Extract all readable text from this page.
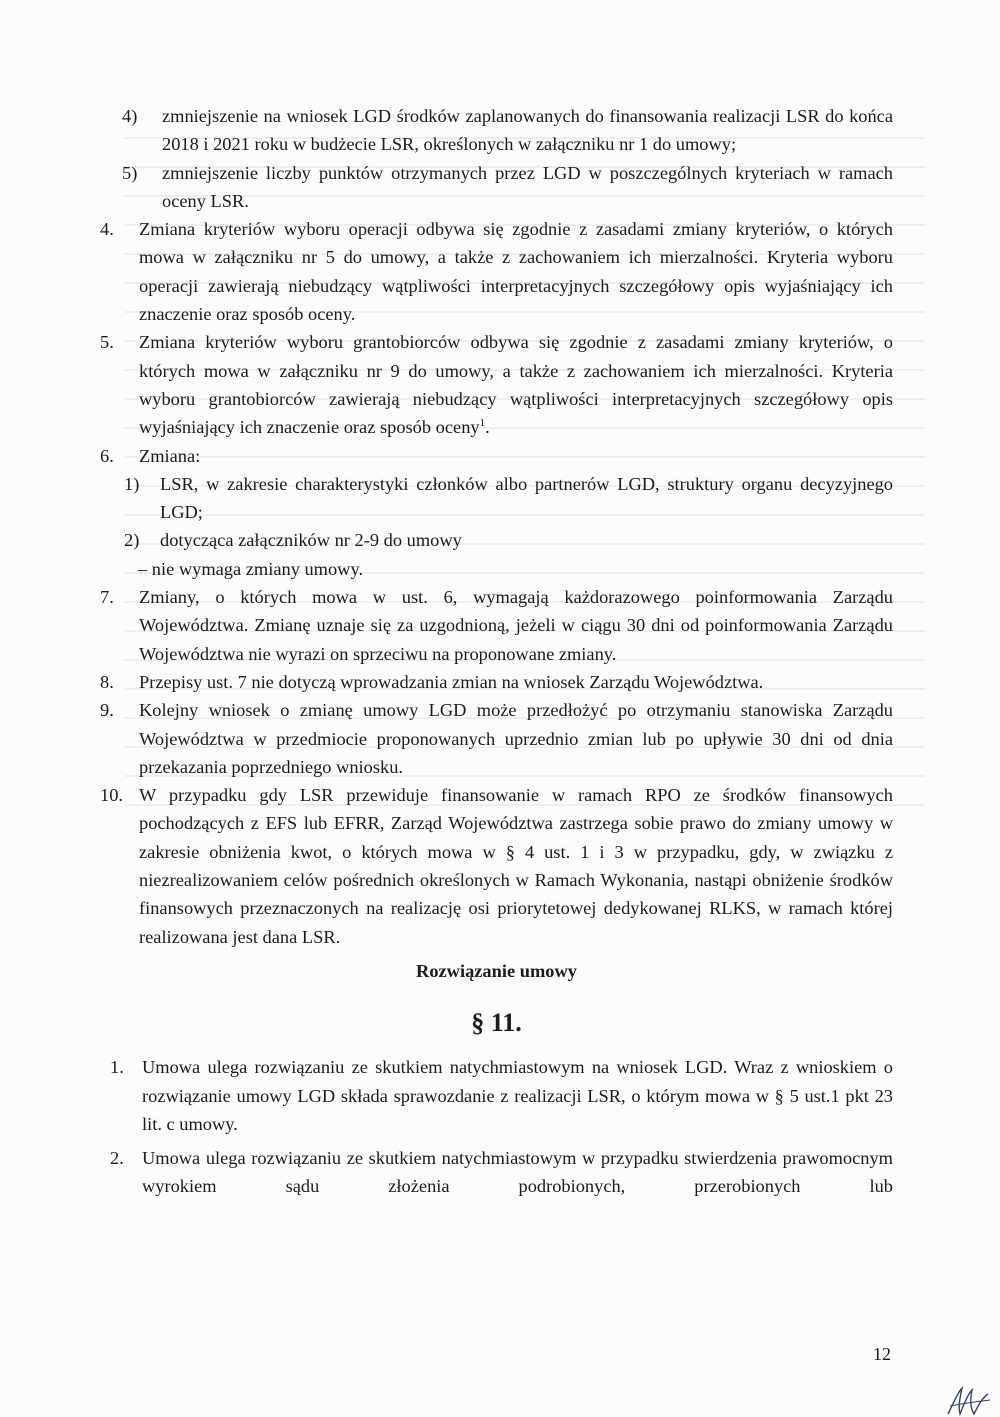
4)	zmniejszenie na wniosek LGD środków zaplanowanych do finansowania realizacji LSR do końca 2018 i 2021 roku w budżecie LSR, określonych w załączniku nr 1 do umowy;
5)	zmniejszenie liczby punktów otrzymanych przez LGD w poszczególnych kryteriach w ramach oceny LSR.
4.	Zmiana kryteriów wyboru operacji odbywa się zgodnie z zasadami zmiany kryteriów, o których mowa w załączniku nr 5 do umowy, a także z zachowaniem ich mierzalności. Kryteria wyboru operacji zawierają niebudzący wątpliwości interpretacyjnych szczegółowy opis wyjaśniający ich znaczenie oraz sposób oceny.
5.	Zmiana kryteriów wyboru grantobiorców odbywa się zgodnie z zasadami zmiany kryteriów, o których mowa w załączniku nr 9 do umowy, a także z zachowaniem ich mierzalności. Kryteria wyboru grantobiorców zawierają niebudzący wątpliwości interpretacyjnych szczegółowy opis wyjaśniający ich znaczenie oraz sposób oceny$^1$.
6.	Zmiana:
1)	LSR, w zakresie charakterystyki członków albo partnerów LGD, struktury organu decyzyjnego LGD;
2)	dotycząca załączników nr 2-9 do umowy
– nie wymaga zmiany umowy.
7.	Zmiany, o których mowa w ust. 6, wymagają każdorazowego poinformowania Zarządu Województwa. Zmianę uznaje się za uzgodnioną, jeżeli w ciągu 30 dni od poinformowania Zarządu Województwa nie wyrazi on sprzeciwu na proponowane zmiany.
8.	Przepisy ust. 7 nie dotyczą wprowadzania zmian na wniosek Zarządu Województwa.
9.	Kolejny wniosek o zmianę umowy LGD może przedłożyć po otrzymaniu stanowiska Zarządu Województwa w przedmiocie proponowanych uprzednio zmian lub po upływie 30 dni od dnia przekazania poprzedniego wniosku.
10. W przypadku gdy LSR przewiduje finansowanie w ramach RPO ze środków finansowych pochodzących z EFS lub EFRR, Zarząd Województwa zastrzega sobie prawo do zmiany umowy w zakresie obniżenia kwot, o których mowa w § 4 ust. 1 i 3 w przypadku, gdy, w związku z niezrealizowaniem celów pośrednich określonych w Ramach Wykonania, nastąpi obniżenie środków finansowych przeznaczonych na realizację osi priorytetowej dedykowanej RLKS, w ramach której realizowana jest dana LSR.
Rozwiązanie umowy
§ 11.
1. Umowa ulega rozwiązaniu ze skutkiem natychmiastowym na wniosek LGD. Wraz z wnioskiem o rozwiązanie umowy LGD składa sprawozdanie z realizacji LSR, o którym mowa w § 5 ust.1 pkt 23 lit. c umowy.
2. Umowa ulega rozwiązaniu ze skutkiem natychmiastowym w przypadku stwierdzenia prawomocnym wyrokiem sądu złożenia podrobionych, przerobionych lub
12
